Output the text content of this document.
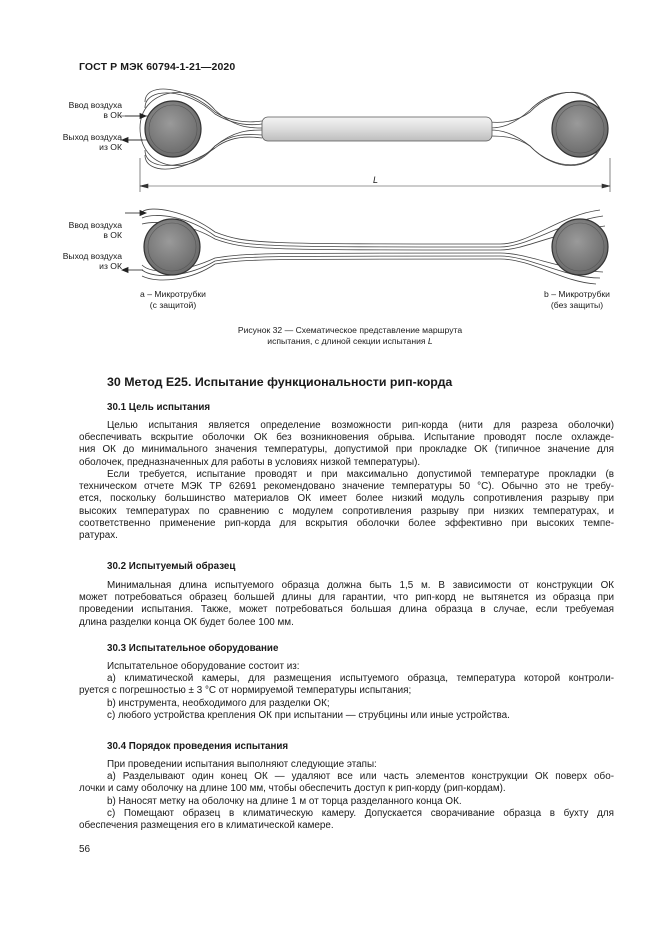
ГОСТ Р МЭК 60794-1-21—2020
L
Ввод воздуха
в ОК
Выход воздуха
из ОК
Ввод воздуха
в ОК
Выход воздуха
из ОК
a – Микротрубки
(с защитой)
b – Микротрубки
(без защиты)
Рисунок 32 — Схематическое представление маршрута
испытания, с длиной секции испытания L
30 Метод E25. Испытание функциональности рип-корда
30.1 Цель испытания
Целью испытания является определение возможности рип-корда (нити для разреза оболочки)
обеспечивать вскрытие оболочки ОК без возникновения обрыва. Испытание проводят после охлажде-
ния ОК до минимального значения температуры, допустимой при прокладке ОК (типичное значение для
оболочек, предназначенных для работы в условиях низкой температуры).
Если требуется, испытание проводят и при максимально допустимой температуре прокладки (в
техническом отчете МЭК ТР 62691 рекомендовано значение температуры 50 °С). Обычно это не требу-
ется, поскольку большинство материалов ОК имеет более низкий модуль сопротивления разрыву при
высоких температурах по сравнению с модулем сопротивления разрыву при низких температурах, и
соответственно применение рип-корда для вскрытия оболочки более эффективно при высоких темпе-
ратурах.
30.2 Испытуемый образец
Минимальная длина испытуемого образца должна быть 1,5 м. В зависимости от конструкции ОК
может потребоваться образец большей длины для гарантии, что рип-корд не вытянется из образца при
проведении испытания. Также, может потребоваться большая длина образца в случае, если требуемая
длина разделки конца ОК будет более 100 мм.
30.3 Испытательное оборудование
Испытательное оборудование состоит из:
а) климатической камеры, для размещения испытуемого образца, температура которой контроли-
руется с погрешностью ± 3 °С от нормируемой температуры испытания;
b) инструмента, необходимого для разделки ОК;
c) любого устройства крепления ОК при испытании — струбцины или иные устройства.
30.4 Порядок проведения испытания
При проведении испытания выполняют следующие этапы:
а) Разделывают один конец ОК — удаляют все или часть элементов конструкции ОК поверх обо-
лочки и саму оболочку на длине 100 мм, чтобы обеспечить доступ к рип-корду (рип-кордам).
b) Наносят метку на оболочку на длине 1 м от торца разделанного конца ОК.
c) Помещают образец в климатическую камеру. Допускается сворачивание образца в бухту для
обеспечения размещения его в климатической камере.
56
